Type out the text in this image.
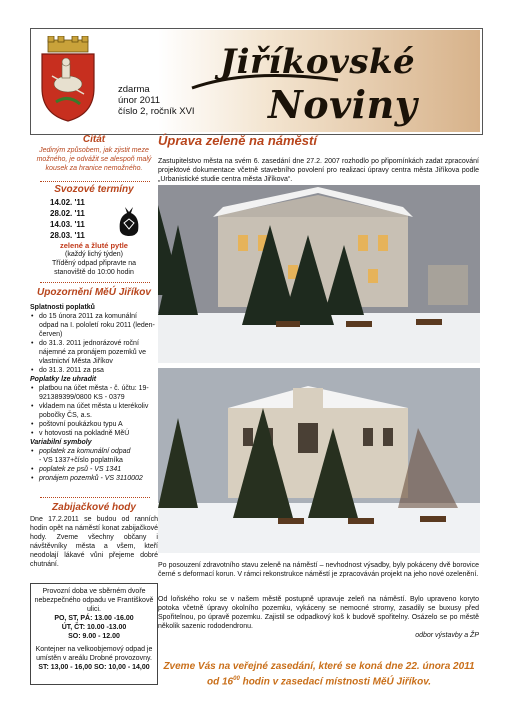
zdarma
únor 2011
číslo 2, ročník XVI
Jiříkovské
Noviny
Citát
Jediným způsobem, jak zjistit meze možného, je odvážit se alespoň malý kousek za hranice nemožného.
Svozové termíny
14.02. '11
28.02. '11
14.03. '11
28.03. '11
zelené a žluté pytle
(každý lichý týden)
Tříděný odpad připravte na stanoviště do 10:00 hodin
Upozornění MěÚ Jiříkov
Splatnosti poplatků
• do 15 února 2011 za komunální odpad na I. pololetí roku 2011 (leden-červen)
• do 31.3. 2011 jednorázové roční nájemné za pronájem pozemků ve vlastnictví Města Jiříkov
• do 31.3. 2011 za psa
Poplatky lze uhradit
• platbou na účet města - č. účtu: 19-921389399/0800 KS - 0379
• vkladem na účet města u kterékoliv pobočky ČS, a.s.
• poštovní poukázkou typu A
• v hotovosti na pokladně MěÚ
Variabilní symboly
• poplatek za komunální odpad
- VS 1337+číslo poplatníka
• poplatek ze psů - VS 1341
• pronájem pozemků - VS 3110002
Zabijačkové hody
Dne 17.2.2011 se budou od ranních hodin opět na náměstí konat zabijačkové hody. Zveme všechny občany i návštěvníky města a všem, kteří neodolají lákavé vůni přejeme dobré chutnání.
Provozní doba ve sběrném dvoře nebezpečného odpadu ve Františkově ulici.
PO, ST, PÁ: 13.00 -16.00
ÚT, ČT: 10.00 -13.00
SO: 9.00 - 12.00
Kontejner na velkoobjemový odpad je umístěn v areálu Drobné provozovny.
ST: 13,00 - 16,00 SO: 10,00 - 14,00
Úprava zeleně na náměstí
Zastupitelstvo města na svém 6. zasedání dne 27.2. 2007 rozhodlo po připomínkách zadat zpracování projektové dokumentace včetně stavebního povolení pro realizaci úpravy centra města Jiříkova podle „Urbanistické studie centra města Jiříkova“.
Po posouzení zdravotního stavu zeleně na náměstí – nevhodnost výsadby, byly pokáceny dvě borovice černé s deformací korun. V rámci rekonstrukce náměstí je zpracováván projekt na jeho nové ozelenění.
Od loňského roku se v našem městě postupně upravuje zeleň na náměstí. Bylo upraveno koryto potoka včetně úpravy okolního pozemku, vykáceny se nemocné stromy, zasadily se buxusy před Spořitelnou, po úpravě pozemku. Zajistil se odpadkový koš k budově spořitelny. Osázelo se po městě několik sazenic rododendronu.
odbor výstavby a ŽP
Zveme Vás na veřejné zasedání, které se koná dne 22. února 2011
od $16^{00}$ hodin v zasedací místnosti MěÚ Jiříkov.
